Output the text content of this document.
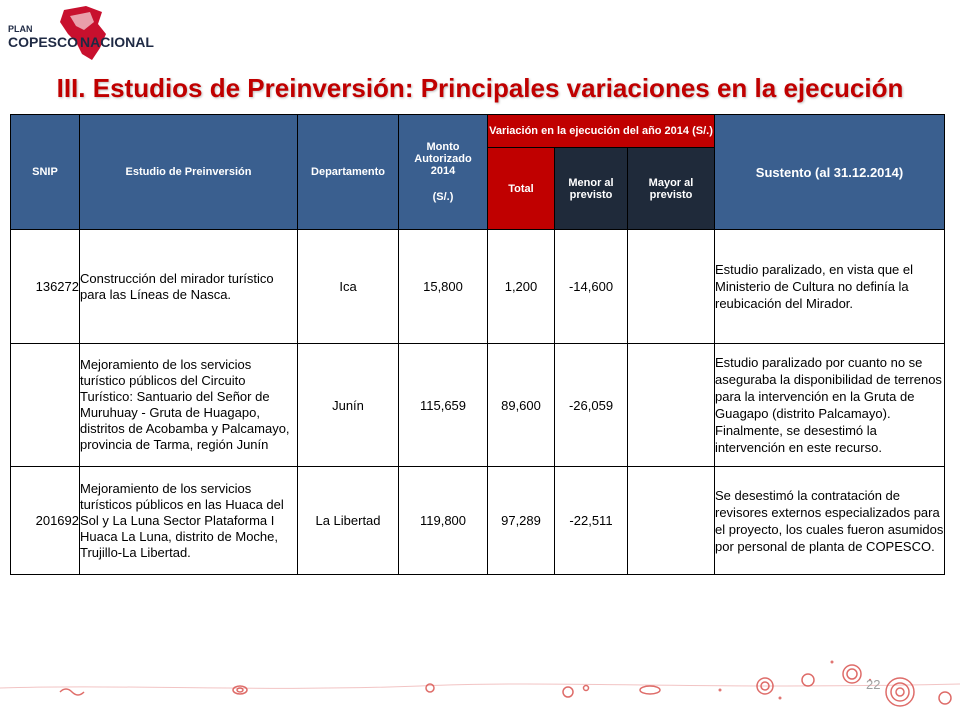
PLAN
COPESCO NACIONAL
III. Estudios de Preinversión: Principales variaciones en la ejecución
SNIP	Estudio de Preinversión	Departamento	Monto Autorizado 2014
(S/.)	Variación en la ejecución del año 2014 (S/.)			Sustento (al 31.12.2014)
				Total	Menor al previsto	Mayor al previsto	
136272	Construcción del mirador turístico para las Líneas de Nasca.	Ica	15,800	1,200	-14,600		Estudio paralizado, en vista que el Ministerio de Cultura no definía la reubicación del Mirador.
	Mejoramiento de los servicios turístico públicos del Circuito Turístico: Santuario del Señor de Muruhuay - Gruta de Huagapo, distritos de Acobamba y Palcamayo, provincia de Tarma, región Junín	Junín	115,659	89,600	-26,059		Estudio paralizado por cuanto no se aseguraba la disponibilidad de terrenos para la intervención en la Gruta de Guagapo (distrito Palcamayo). Finalmente, se desestimó la intervención en este recurso.
201692	Mejoramiento de los servicios turísticos públicos en las Huaca del Sol y La Luna Sector Plataforma I Huaca La Luna, distrito de Moche, Trujillo-La Libertad.	La Libertad	119,800	97,289	-22,511		Se desestimó la contratación de revisores externos especializados para el proyecto, los cuales fueron asumidos por personal de planta de COPESCO.
22
